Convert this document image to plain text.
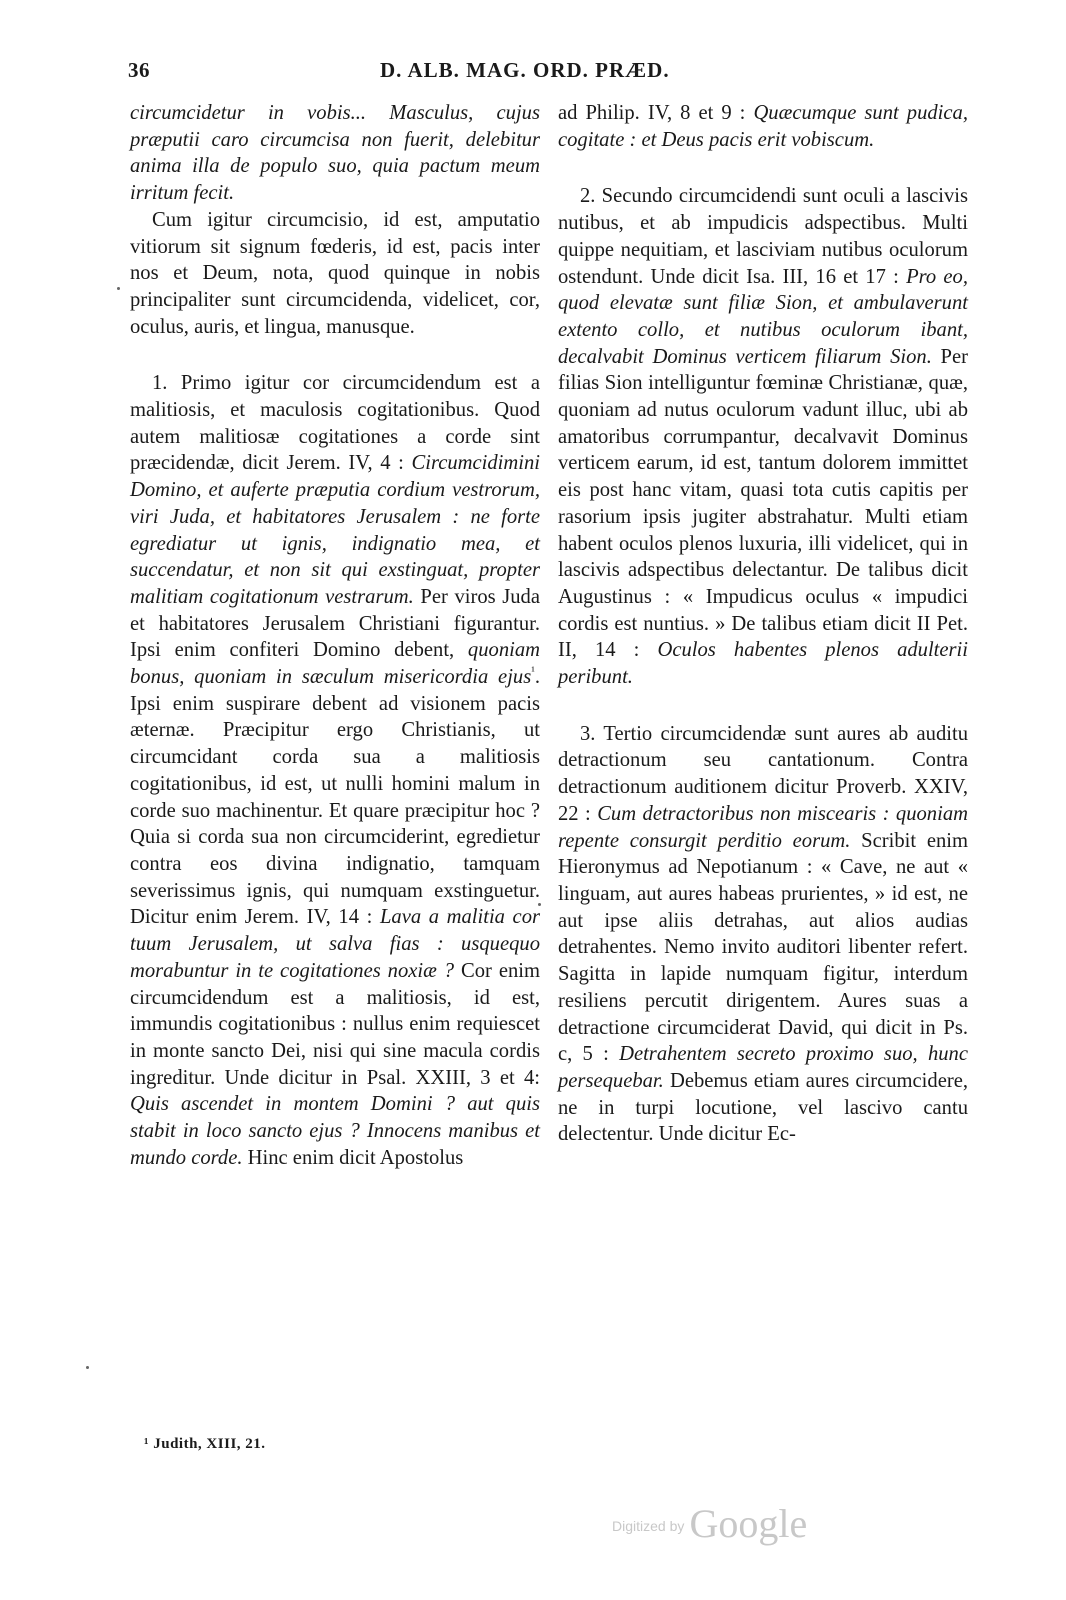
36	D. ALB. MAG. ORD. PRÆD.

circumcidetur in vobis... Masculus, cujus præputii caro circumcisa non fuerit, delebitur anima illa de populo suo, quia pactum meum irritum fecit.

Cum igitur circumcisio, id est, amputatio vitiorum sit signum fœderis, id est, pacis inter nos et Deum, nota, quod quinque in nobis principaliter sunt circumcidenda, videlicet, cor, oculus, auris, et lingua, manusque.

1. Primo igitur cor circumcidendum est a malitiosis, et maculosis cogitationibus. Quod autem malitiosæ cogitationes a corde sint præcidendæ, dicit Jerem. IV, 4 : Circumcidimini Domino, et auferte præputia cordium vestrorum, viri Juda, et habitatores Jerusalem : ne forte egrediatur ut ignis, indignatio mea, et succendatur, et non sit qui exstinguat, propter malitiam cogitationum vestrarum. Per viros Juda et habitatores Jerusalem Christiani figurantur. Ipsi enim confiteri Domino debent, quoniam bonus, quoniam in sæculum misericordia ejus$^{^1}$. Ipsi enim suspirare debent ad visionem pacis æternæ. Præcipitur ergo Christianis, ut circumcidant corda sua a malitiosis cogitationibus, id est, ut nulli homini malum in corde suo machinentur. Et quare præcipitur hoc ? Quia si corda sua non circumciderint, egredietur contra eos divina indignatio, tamquam severissimus ignis, qui numquam exstinguetur. Dicitur enim Jerem. IV, 14 : Lava a malitia cor tuum Jerusalem, ut salva fias : usquequo morabuntur in te cogitationes noxiæ ? Cor enim circumcidendum est a malitiosis, id est, immundis cogitationibus : nullus enim requiescet in monte sancto Dei, nisi qui sine macula cordis ingreditur. Unde dicitur in Psal. XXIII, 3 et 4: Quis ascendet in montem Domini ? aut quis stabit in loco sancto ejus ? Innocens manibus et mundo corde. Hinc enim dicit Apostolus

ad Philip. IV, 8 et 9 : Quæcumque sunt pudica, cogitate : et Deus pacis erit vobiscum.

2. Secundo circumcidendi sunt oculi a lascivis nutibus, et ab impudicis adspectibus. Multi quippe nequitiam, et lasciviam nutibus oculorum ostendunt. Unde dicit Isa. III, 16 et 17 : Pro eo, quod elevatæ sunt filiæ Sion, et ambulaverunt extento collo, et nutibus oculorum ibant, decalvabit Dominus verticem filiarum Sion. Per filias Sion intelliguntur fœminæ Christianæ, quæ, quoniam ad nutus oculorum vadunt illuc, ubi ab amatoribus corrumpantur, decalvavit Dominus verticem earum, id est, tantum dolorem immittet eis post hanc vitam, quasi tota cutis capitis per rasorium ipsis jugiter abstrahatur. Multi etiam habent oculos plenos luxuria, illi videlicet, qui in lascivis adspectibus delectantur. De talibus dicit Augustinus : « Impudicus oculus « impudici cordis est nuntius. » De talibus etiam dicit II Pet. II, 14 : Oculos habentes plenos adulterii peribunt.

3. Tertio circumcidendæ sunt aures ab auditu detractionum seu cantationum. Contra detractionum auditionem dicitur Proverb. XXIV, 22 : Cum detractoribus non miscearis : quoniam repente consurgit perditio eorum. Scribit enim Hieronymus ad Nepotianum : « Cave, ne aut « linguam, aut aures habeas prurientes, » id est, ne aut ipse aliis detrahas, aut alios audias detrahentes. Nemo invito auditori libenter refert. Sagitta in lapide numquam figitur, interdum resiliens percutit dirigentem. Aures suas a detractione circumciderat David, qui dicit in Ps. c, 5 : Detrahentem secreto proximo suo, hunc persequebar. Debemus etiam aures circumcidere, ne in turpi locutione, vel lascivo cantu delectentur. Unde dicitur Ec-

¹ Judith, XIII, 21.
Digitized by Google
